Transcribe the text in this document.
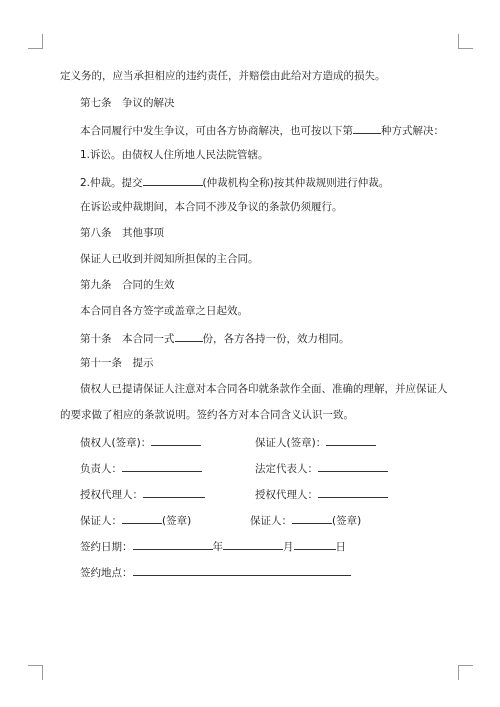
定义务的，应当承担相应的违约责任，并赔偿由此给对方造成的损失。
第七条　争议的解决
本合同履行中发生争议，可由各方协商解决，也可按以下第	种方式解决：
1.诉讼。由债权人住所地人民法院管辖。
2.仲裁。提交	(仲裁机构全称)按其仲裁规则进行仲裁。
在诉讼或仲裁期间，本合同不涉及争议的条款仍须履行。
第八条　其他事项
保证人已收到并阅知所担保的主合同。
第九条　合同的生效
本合同自各方签字或盖章之日起效。
第十条　本合同一式	份，各方各持一份，效力相同。
第十一条　提示
债权人已提请保证人注意对本合同各印就条款作全面、准确的理解，并应保证人
的要求做了相应的条款说明。签约各方对本合同含义认识一致。
债权人(签章)：	保证人(签章)：
负责人：	法定代表人：
授权代理人：	授权代理人：
保证人：	(签章)	保证人：	(签章)
签约日期：	年	月	日
签约地点：
